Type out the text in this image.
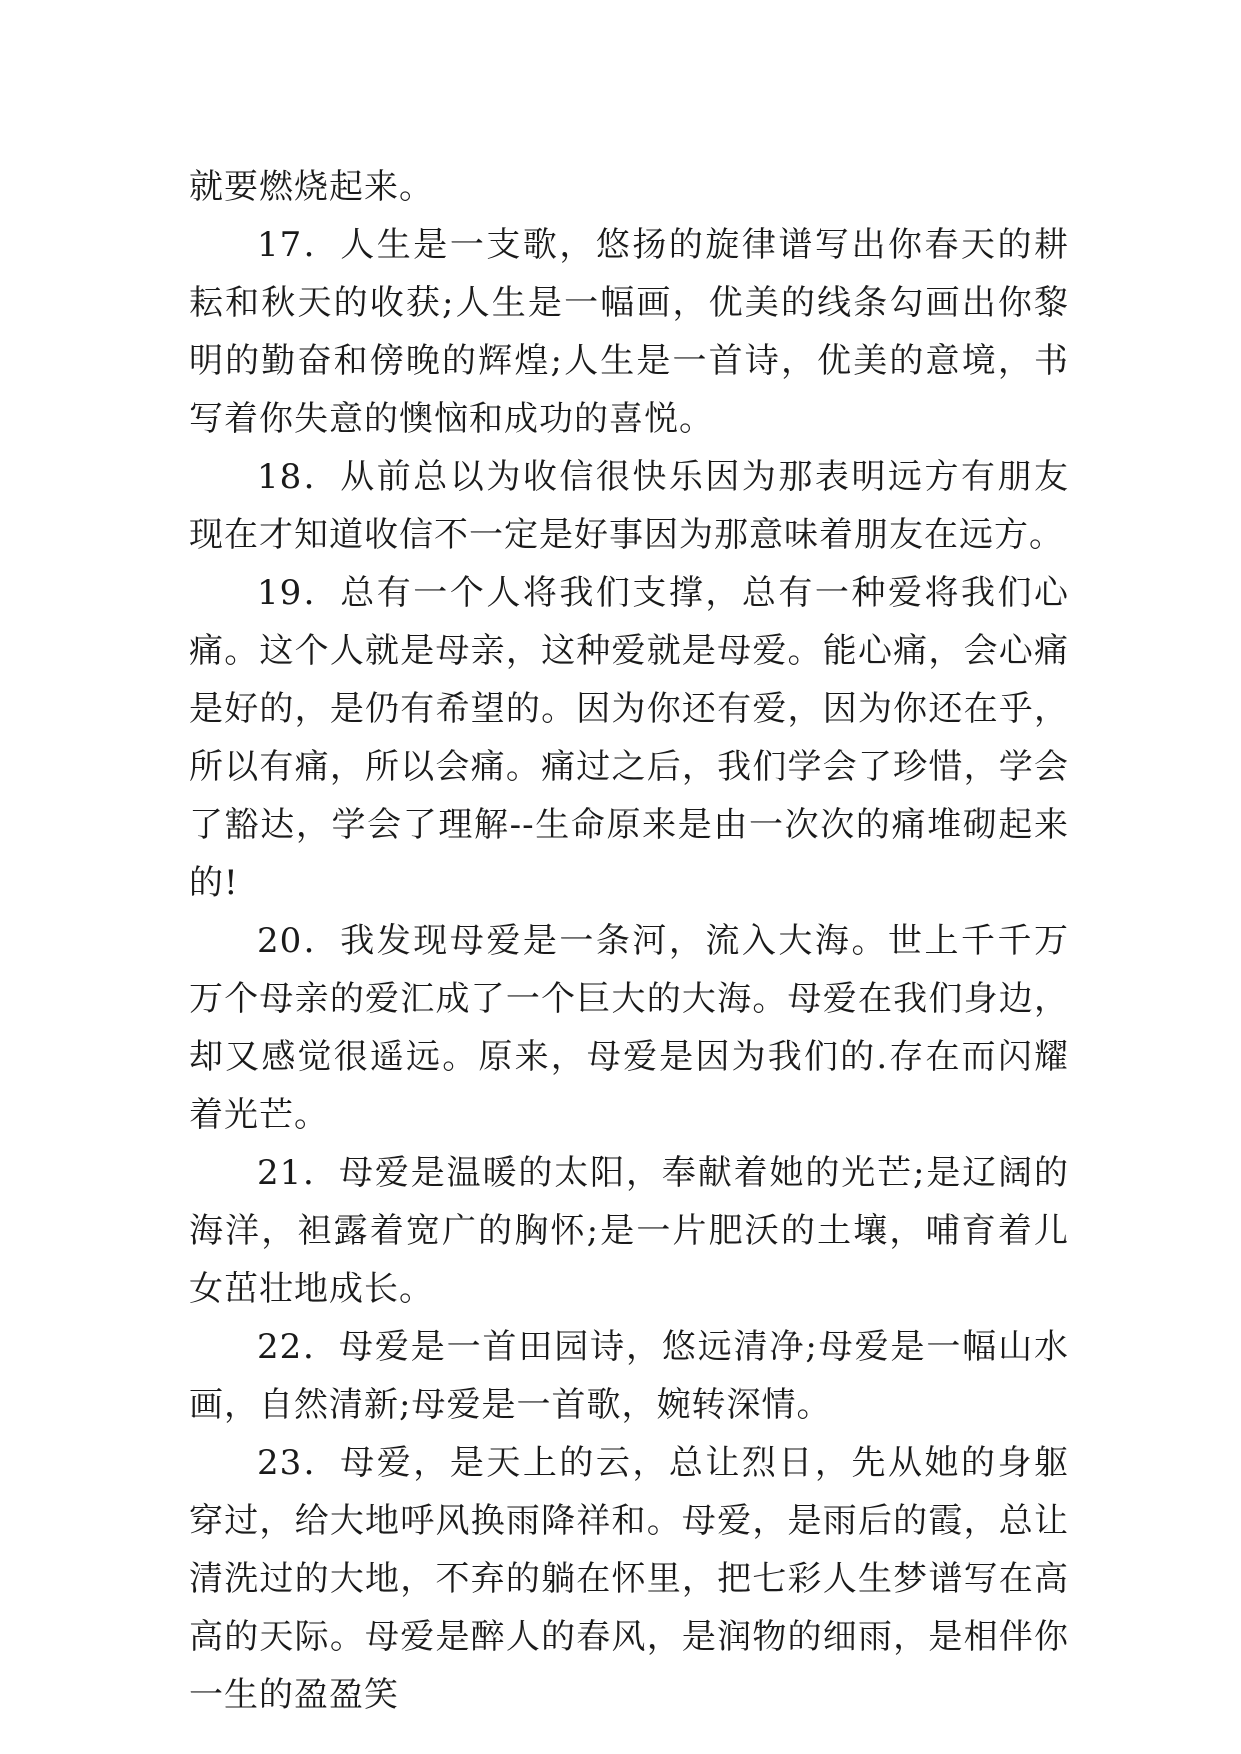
就要燃烧起来。

17．人生是一支歌，悠扬的旋律谱写出你春天的耕耘和秋天的收获;人生是一幅画，优美的线条勾画出你黎明的勤奋和傍晚的辉煌;人生是一首诗，优美的意境，书写着你失意的懊恼和成功的喜悦。

18．从前总以为收信很快乐因为那表明远方有朋友现在才知道收信不一定是好事因为那意味着朋友在远方。

19．总有一个人将我们支撑，总有一种爱将我们心痛。这个人就是母亲，这种爱就是母爱。能心痛，会心痛是好的，是仍有希望的。因为你还有爱，因为你还在乎，所以有痛，所以会痛。痛过之后，我们学会了珍惜，学会了豁达，学会了理解--生命原来是由一次次的痛堆砌起来的!

20．我发现母爱是一条河，流入大海。世上千千万万个母亲的爱汇成了一个巨大的大海。母爱在我们身边，却又感觉很遥远。原来，母爱是因为我们的.存在而闪耀着光芒。

21．母爱是温暖的太阳，奉献着她的光芒;是辽阔的海洋，袒露着宽广的胸怀;是一片肥沃的土壤，哺育着儿女茁壮地成长。

22．母爱是一首田园诗，悠远清净;母爱是一幅山水画，自然清新;母爱是一首歌，婉转深情。

23．母爱，是天上的云，总让烈日，先从她的身躯穿过，给大地呼风换雨降祥和。母爱，是雨后的霞，总让清洗过的大地，不弃的躺在怀里，把七彩人生梦谱写在高高的天际。母爱是醉人的春风，是润物的细雨，是相伴你一生的盈盈笑
